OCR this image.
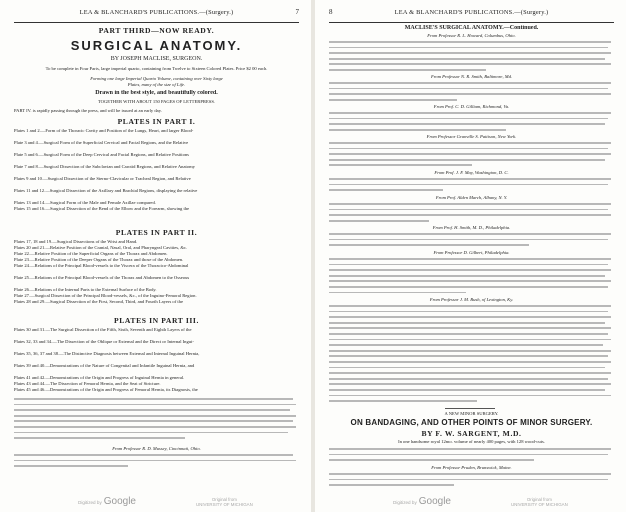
LEA & BLANCHARD'S PUBLICATIONS.—(Surgery.)	7
PART THIRD—NOW READY.
SURGICAL ANATOMY.
BY JOSEPH MACLISE, SURGEON.
To be complete in Four Parts, large imperial quarto, containing from Twelve to Sixteen Colored Plates. Price $2 00 each.
Forming one large Imperial Quarto Volume, containing over Sixty large
Plates, many of the size of Life.
Drawn in the best style, and beautifully colored.
TOGETHER WITH ABOUT 150 PAGES OF LETTERPRESS.
PART IV. is rapidly passing through the press, and will be issued at an early day.
PLATES IN PART I.
Plates 1 and 2.—Form of the Thoracic Cavity and Position of the Lungs, Heart, and larger Blood-
Plate 3 and 4.—Surgical Form of the Superficial Cervical and Facial Regions, and the Relative
Plate 5 and 6.—Surgical Form of the Deep Cervical and Facial Regions, and Relative Positions
Plate 7 and 8.—Surgical Dissection of the Subclavian and Carotid Regions, and Relative Anatomy
Plates 9 and 10.—Surgical Dissection of the Sterno-Clavicular or Tracheal Region, and Relative
Plates 11 and 12.—Surgical Dissection of the Axillary and Brachial Regions, displaying the relative
Plates 13 and 14.—Surgical Form of the Male and Female Axillae compared.
Plates 15 and 16.—Surgical Dissection of the Bend of the Elbow and the Forearm, showing the
PLATES IN PART II.
Plates 17, 18 and 19.—Surgical Dissections of the Wrist and Hand.
Plates 20 and 21.—Relative Position of the Cranial, Nasal, Oral, and Pharyngeal Cavities, &c.
Plate 22.—Relative Position of the Superficial Organs of the Thorax and Abdomen.
Plate 23.—Relative Position of the Deeper Organs of the Thorax and those of the Abdomen.
Plate 24.—Relations of the Principal Blood-vessels to the Viscera of the Thoracico-Abdominal
Plate 25.—Relations of the Principal Blood-vessels of the Thorax and Abdomen to the Osseous
Plate 26.—Relations of the Internal Parts to the External Surface of the Body.
Plate 27.—Surgical Dissection of the Principal Blood-vessels, &c., of the Inguino-Femoral Region.
Plates 28 and 29.—Surgical Dissection of the First, Second, Third, and Fourth Layers of the
PLATES IN PART III.
Plates 30 and 31.—The Surgical Dissection of the Fifth, Sixth, Seventh and Eighth Layers of the
Plates 32, 33 and 34.—The Dissection of the Oblique or External and the Direct or Internal Ingui-
Plates 35, 36, 37 and 38.—The Distinctive Diagnosis between External and Internal Inguinal Hernia,
Plates 39 and 40.—Demonstrations of the Nature of Congenital and Infantile Inguinal Hernia, and
Plates 41 and 42.—Demonstrations of the Origin and Progress of Inguinal Hernia in general.
Plates 43 and 44.—The Dissection of Femoral Hernia, and the Seat of Stricture.
Plates 45 and 46.—Demonstrations of the Origin and Progress of Femoral Hernia, its Diagnosis, the
From Professor R. D. Mussey, Cincinnati, Ohio.
Digitized by Google	Original from
UNIVERSITY OF MICHIGAN
LEA & BLANCHARD'S PUBLICATIONS.—(Surgery.)
8
MACLISE'S SURGICAL ANATOMY.—Continued.
From Professor R. L. Howard, Columbus, Ohio.
From Professor N. R. Smith, Baltimore, Md.
From Prof. C. D. Gilliam, Richmond, Va.
From Professor Granville S. Pattison, New York.
From Prof. J. F. May, Washington, D. C.
From Prof. Alden March, Albany, N. Y.
From Prof. H. Smith, M. D., Philadelphia.
From Professor D. Gilbert, Philadelphia.
From Professor J. M. Bush, of Lexington, Ky.
A NEW MINOR SURGERY.
ON BANDAGING, AND OTHER POINTS OF MINOR SURGERY.
BY F. W. SARGENT, M.D.
In one handsome royal 12mo. volume of nearly 400 pages, with 128 wood-cuts.
From Professor Pruden, Brunswick, Maine.
Digitized by Google	Original from
UNIVERSITY OF MICHIGAN
